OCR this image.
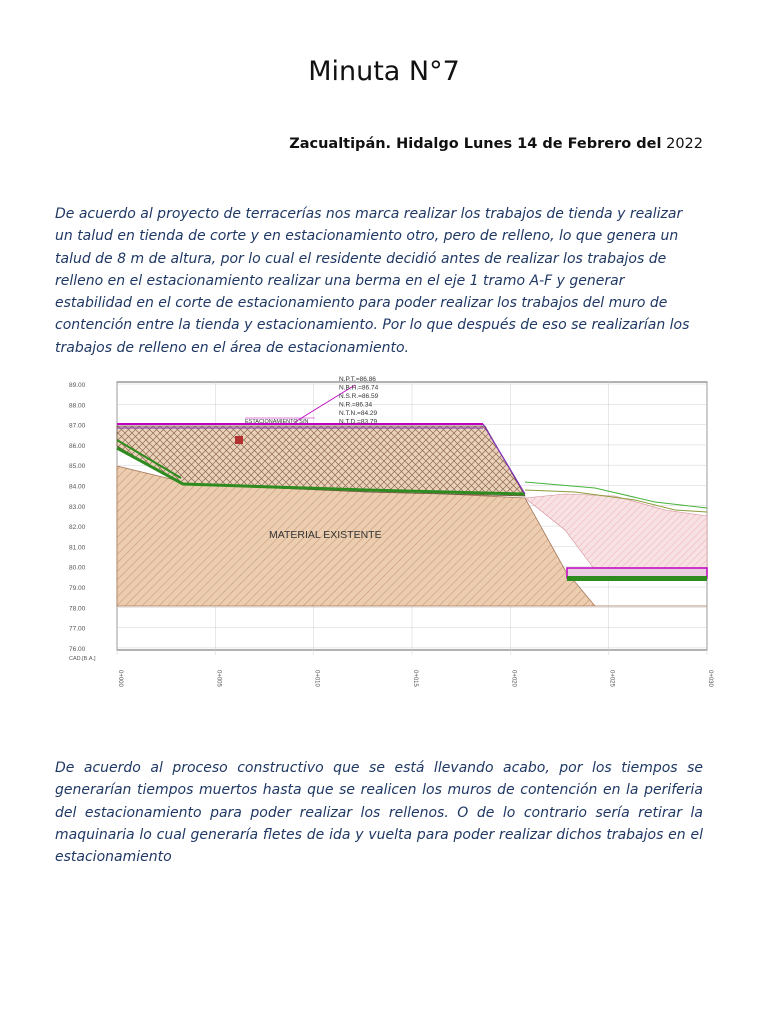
Minuta N°7
Zacualtipán. Hidalgo Lunes 14 de Febrero del 2022
De acuerdo al proyecto de terracerías nos marca realizar los trabajos de tienda y realizar un talud en tienda de corte y en estacionamiento otro, pero de relleno, lo que genera un talud de 8 m de altura, por lo cual el residente decidió antes de realizar los trabajos de relleno en el estacionamiento realizar una berma en el eje 1 tramo A-F y generar estabilidad en el corte de estacionamiento para poder realizar los trabajos del muro de contención entre la tienda y estacionamiento. Por lo que después de eso se realizarían los trabajos de relleno en el área de estacionamiento.
89.00
88.00
87.00
86.00
85.00
84.00
83.00
82.00
81.00
80.00
79.00
78.00
77.00
76.00
CAD.[B.A.]
0+000	0+005	0+010	0+015	0+020	0+025	0+030
N.P.T.=86.86
N.B.H.=86.74
N.S.R.=86.59
N.R.=86.34
N.T.N.=84.29
N.T.D.=83.79
ESTACIONAMIENTO S/N
MATERIAL EXISTENTE
De acuerdo al proceso constructivo que se está llevando acabo, por los tiempos se generarían tiempos muertos hasta que se realicen los muros de contención en la periferia del estacionamiento para poder realizar los rellenos. O de lo contrario sería retirar la maquinaria lo cual generaría fletes de ida y vuelta para poder realizar dichos trabajos en el estacionamiento
